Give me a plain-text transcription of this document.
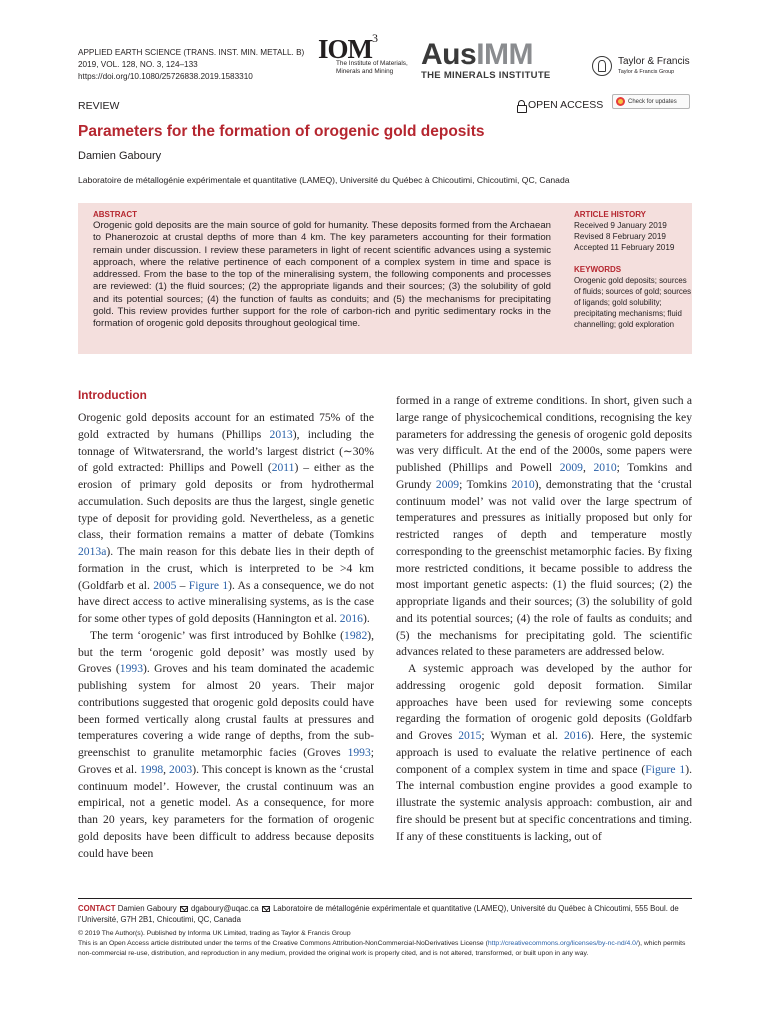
APPLIED EARTH SCIENCE (TRANS. INST. MIN. METALL. B)
2019, VOL. 128, NO. 3, 124–133
https://doi.org/10.1080/25726838.2019.1583310
IOM$^3$
The Institute of Materials,
Minerals and Mining
AusIMM
THE MINERALS INSTITUTE
Taylor & Francis
Taylor & Francis Group
REVIEW	OPEN ACCESS	Check for updates
Parameters for the formation of orogenic gold deposits
Damien Gaboury
Laboratoire de métallogénie expérimentale et quantitative (LAMEQ), Université du Québec à Chicoutimi, Chicoutimi, QC, Canada
ABSTRACT
Orogenic gold deposits are the main source of gold for humanity. These deposits formed from the Archaean to Phanerozoic at crustal depths of more than 4 km. The key parameters accounting for their formation remain under discussion. I review these parameters in light of recent scientific advances using a systemic approach, where the relative pertinence of each component of a complex system in time and space is addressed. From the base to the top of the mineralising system, the following components and processes are reviewed: (1) the fluid sources; (2) the appropriate ligands and their sources; (3) the solubility of gold and its potential sources; (4) the function of faults as conduits; and (5) the mechanisms for precipitating gold. This review provides further support for the role of carbon-rich and pyritic sedimentary rocks in the formation of orogenic gold deposits throughout geological time.
ARTICLE HISTORY
Received 9 January 2019
Revised 8 February 2019
Accepted 11 February 2019
KEYWORDS
Orogenic gold deposits; sources of fluids; sources of gold; sources of ligands; gold solubility; precipitating mechanisms; fluid channelling; gold exploration
Introduction

Orogenic gold deposits account for an estimated 75% of the gold extracted by humans (Phillips 2013), including the tonnage of Witwatersrand, the world’s largest district (∼30% of gold extracted: Phillips and Powell (2011) – either as the erosion of primary gold deposits or from hydrothermal accumulation. Such deposits are thus the largest, single genetic type of deposit for providing gold. Nevertheless, as a genetic class, their formation remains a matter of debate (Tomkins 2013a). The main reason for this debate lies in their depth of formation in the crust, which is interpreted to be >4 km (Goldfarb et al. 2005 – Figure 1). As a consequence, we do not have direct access to active mineralising systems, as is the case for some other types of gold deposits (Hannington et al. 2016).

The term ‘orogenic’ was first introduced by Bohlke (1982), but the term ‘orogenic gold deposit’ was mostly used by Groves (1993). Groves and his team dominated the academic publishing system for almost 20 years. Their major contributions suggested that orogenic gold deposits could have been formed vertically along crustal faults at pressures and temperatures covering a wide range of depths, from the sub-greenschist to granulite metamorphic facies (Groves 1993; Groves et al. 1998, 2003). This concept is known as the ‘crustal continuum model’. However, the crustal continuum was an empirical, not a genetic model. As a consequence, for more than 20 years, key parameters for the formation of orogenic gold deposits have been difficult to address because deposits could have been

formed in a range of extreme conditions. In short, given such a large range of physicochemical conditions, recognising the key parameters for addressing the genesis of orogenic gold deposits was very difficult. At the end of the 2000s, some papers were published (Phillips and Powell 2009, 2010; Tomkins and Grundy 2009; Tomkins 2010), demonstrating that the ‘crustal continuum model’ was not valid over the large spectrum of temperatures and pressures as initially proposed but only for restricted ranges of depth and temperature mostly corresponding to the greenschist metamorphic facies. By fixing more restricted conditions, it became possible to address the most important genetic aspects: (1) the fluid sources; (2) the appropriate ligands and their sources; (3) the solubility of gold and its potential sources; (4) the role of faults as conduits; and (5) the mechanisms for precipitating gold. The scientific advances related to these parameters are addressed below.

A systemic approach was developed by the author for addressing orogenic gold deposit formation. Similar approaches have been used for reviewing some concepts regarding the formation of orogenic gold deposits (Goldfarb and Groves 2015; Wyman et al. 2016). Here, the systemic approach is used to evaluate the relative pertinence of each component of a complex system in time and space (Figure 1). The internal combustion engine provides a good example to illustrate the systemic analysis approach: combustion, air and fire should be present but at specific concentrations and timing. If any of these constituents is lacking, out of

CONTACT Damien Gaboury dgaboury@uqac.ca Laboratoire de métallogénie expérimentale et quantitative (LAMEQ), Université du Québec à Chicoutimi, 555 Boul. de l’Université, G7H 2B1, Chicoutimi, QC, Canada
© 2019 The Author(s). Published by Informa UK Limited, trading as Taylor & Francis Group
This is an Open Access article distributed under the terms of the Creative Commons Attribution-NonCommercial-NoDerivatives License (http://creativecommons.org/licenses/by-nc-nd/4.0/), which permits non-commercial re-use, distribution, and reproduction in any medium, provided the original work is properly cited, and is not altered, transformed, or built upon in any way.
